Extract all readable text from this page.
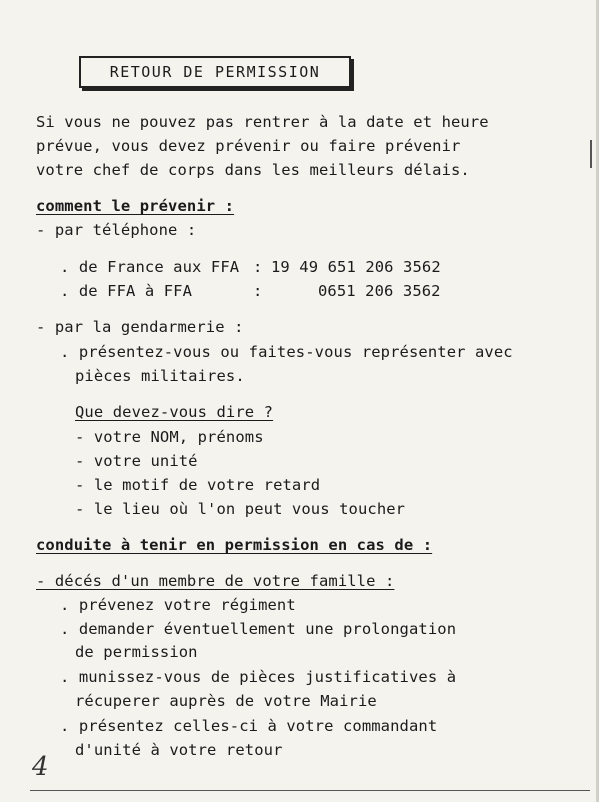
RETOUR DE PERMISSION
Si vous ne pouvez pas rentrer à la date et heure
prévue, vous devez prévenir ou faire prévenir
votre chef de corps dans les meilleurs délais.
comment le prévenir :
- par téléphone :
. de France aux FFA : 19 49 651 206 3562
. de FFA à FFA	:	0651 206 3562
- par la gendarmerie :
. présentez-vous ou faites-vous représenter avec
pièces militaires.
Que devez-vous dire ?
- votre NOM, prénoms
- votre unité
- le motif de votre retard
- le lieu où l'on peut vous toucher
conduite à tenir en permission en cas de :
- décés d'un membre de votre famille :
. prévenez votre régiment
. demander éventuellement une prolongation
de permission
. munissez-vous de pièces justificatives à
récuperer auprès de votre Mairie
. présentez celles-ci à votre commandant
d'unité à votre retour
4
